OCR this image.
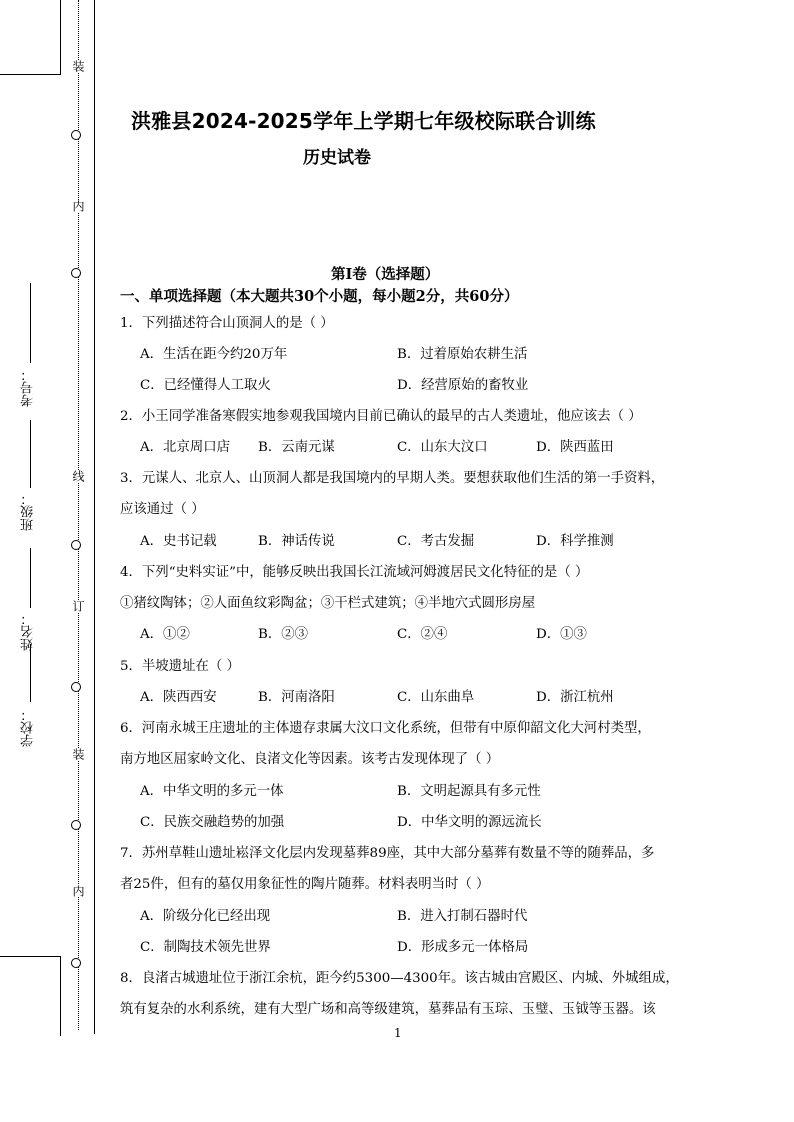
装
内
线
订
装
内
考号：
班级：
姓名：
学校：
洪雅县2024-2025学年上学期七年级校际联合训练
历史试卷
第Ⅰ卷（选择题）
一、单项选择题（本大题共30个小题，每小题2分，共60分）
1．下列描述符合山顶洞人的是（ ）
A．生活在距今约20万年	B．过着原始农耕生活
C．已经懂得人工取火	D．经营原始的畜牧业
2．小王同学准备寒假实地参观我国境内目前已确认的最早的古人类遗址，他应该去（ ）
A．北京周口店 B．云南元谋	C．山东大汶口	D．陕西蓝田
3．元谋人、北京人、山顶洞人都是我国境内的早期人类。要想获取他们生活的第一手资料，
应该通过（ ）
A．史书记载	B．神话传说	C．考古发掘	D．科学推测
4．下列“史料实证”中，能够反映出我国长江流域河姆渡居民文化特征的是（ ）
①猪纹陶钵；②人面鱼纹彩陶盆；③干栏式建筑；④半地穴式圆形房屋
A．①②	B．②③	C．②④	D．①③
5．半坡遗址在（ ）
A．陕西西安	B．河南洛阳	C．山东曲阜	D．浙江杭州
6．河南永城王庄遗址的主体遗存隶属大汶口文化系统，但带有中原仰韶文化大河村类型，
南方地区屈家岭文化、良渚文化等因素。该考古发现体现了（ ）
A．中华文明的多元一体	B．文明起源具有多元性
C．民族交融趋势的加强	D．中华文明的源远流长
7．苏州草鞋山遗址崧泽文化层内发现墓葬89座，其中大部分墓葬有数量不等的随葬品，多
者25件，但有的墓仅用象征性的陶片随葬。材料表明当时（ ）
A．阶级分化已经出现	B．进入打制石器时代
C．制陶技术领先世界	D．形成多元一体格局
8．良渚古城遗址位于浙江余杭，距今约5300—4300年。该古城由宫殿区、内城、外城组成，
筑有复杂的水利系统，建有大型广场和高等级建筑，墓葬品有玉琮、玉璧、玉钺等玉器。该
1
